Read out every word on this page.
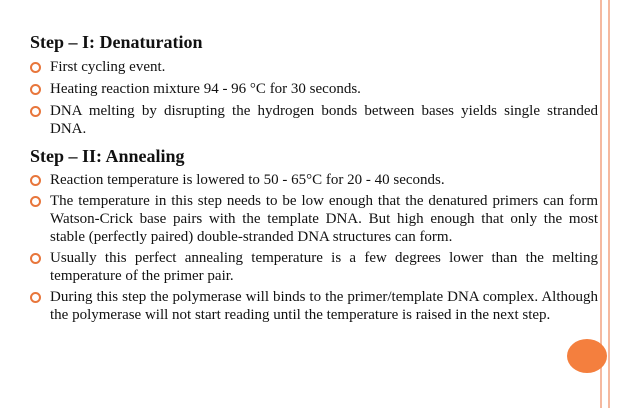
Step – I: Denaturation
First cycling event.
Heating reaction mixture 94 - 96 °C for 30 seconds.
DNA melting by disrupting the hydrogen bonds between bases yields single stranded DNA.
Step – II: Annealing
Reaction temperature is lowered to 50 - 65°C for 20 - 40 seconds.
The temperature in this step needs to be low enough that the denatured primers can form Watson-Crick base pairs with the template DNA. But high enough that only the most stable (perfectly paired) double-stranded DNA structures can form.
Usually this perfect annealing temperature is a few degrees lower than the melting temperature of the primer pair.
During this step the polymerase will binds to the primer/template DNA complex. Although the polymerase will not start reading until the temperature is raised in the next step.
